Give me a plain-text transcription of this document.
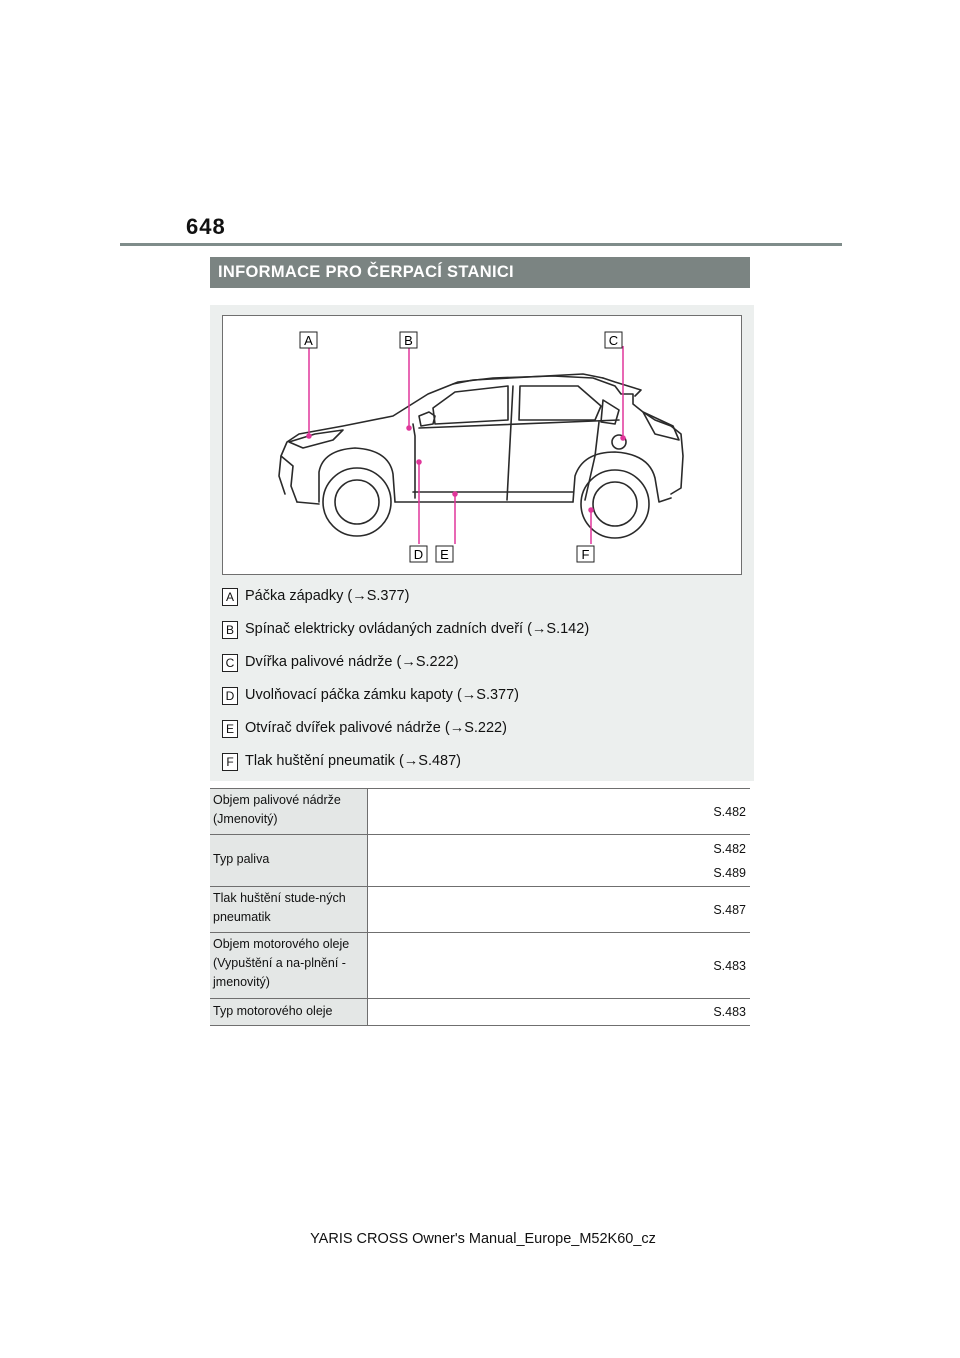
648
INFORMACE PRO ČERPACÍ STANICI
A	B	C
D E	F
A Páčka západky (→S.377)
B Spínač elektricky ovládaných zadních dveří (→S.142)
C Dvířka palivové nádrže (→S.222)
D Uvolňovací páčka zámku kapoty (→S.377)
E Otvírač dvířek palivové nádrže (→S.222)
F Tlak huštění pneumatik (→S.487)
Objem palivové nádrže (Jmenovitý)	S.482

Typ paliva	S.482
S.489

Tlak huštění stude-ných pneumatik	S.487

Objem motorového oleje (Vypuštění a na-plnění - jmenovitý)	S.483

Typ motorového oleje	S.483
YARIS CROSS Owner's Manual_Europe_M52K60_cz
